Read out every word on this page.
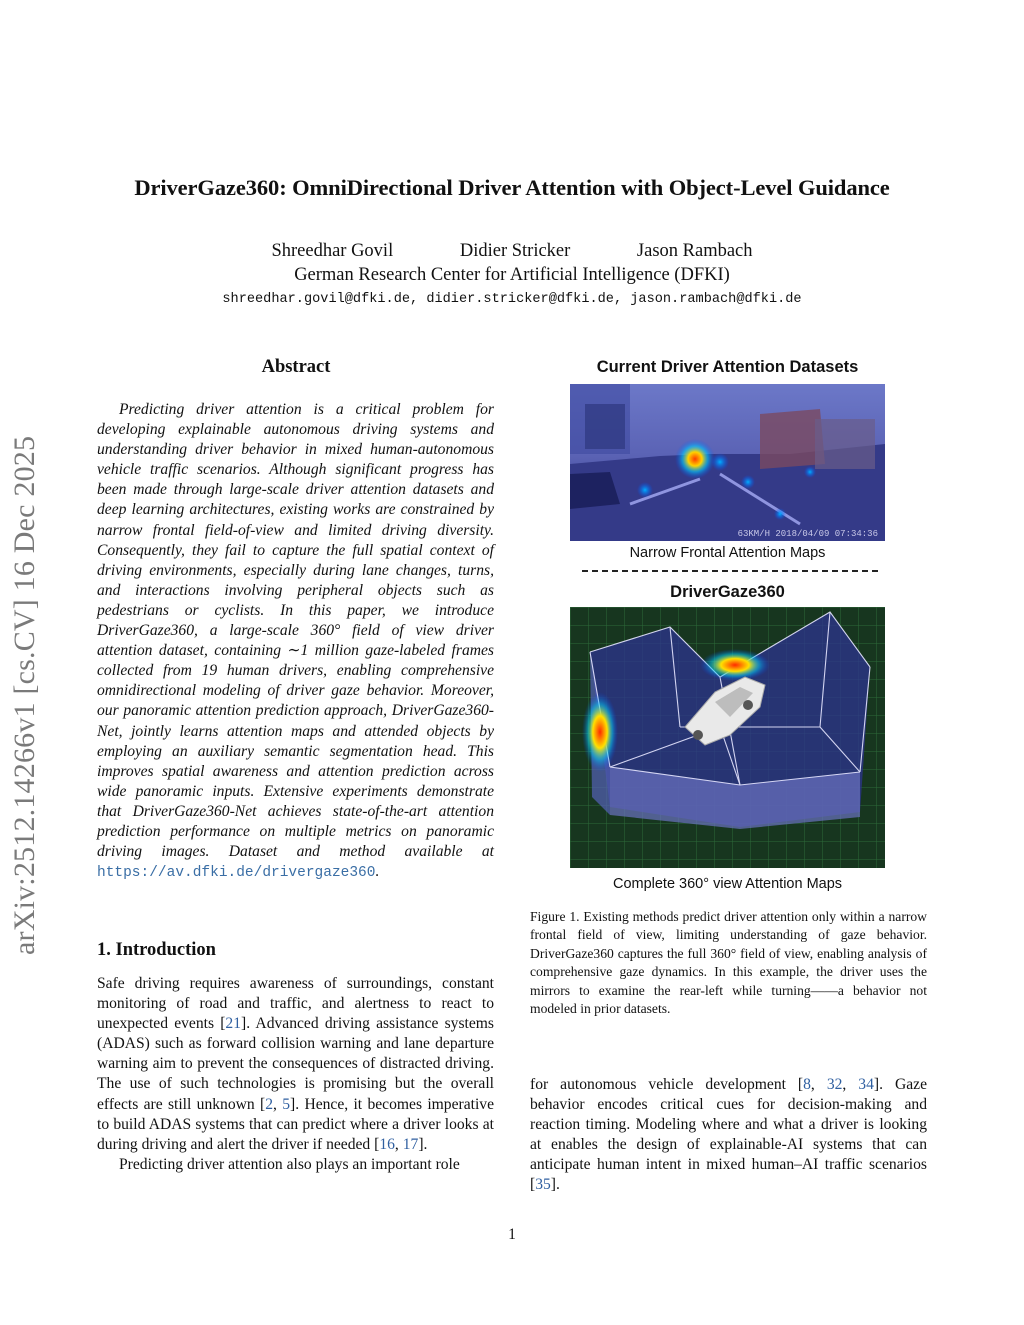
DriverGaze360: OmniDirectional Driver Attention with Object-Level Guidance
Shreedhar Govil	Didier Stricker	Jason Rambach
German Research Center for Artificial Intelligence (DFKI)
shreedhar.govil@dfki.de, didier.stricker@dfki.de, jason.rambach@dfki.de
arXiv:2512.14266v1 [cs.CV] 16 Dec 2025
Abstract
Predicting driver attention is a critical problem for developing explainable autonomous driving systems and understanding driver behavior in mixed human-autonomous vehicle traffic scenarios. Although significant progress has been made through large-scale driver attention datasets and deep learning architectures, existing works are constrained by narrow frontal field-of-view and limited driving diversity. Consequently, they fail to capture the full spatial context of driving environments, especially during lane changes, turns, and interactions involving peripheral objects such as pedestrians or cyclists. In this paper, we introduce DriverGaze360, a large-scale 360° field of view driver attention dataset, containing ∼1 million gaze-labeled frames collected from 19 human drivers, enabling comprehensive omnidirectional modeling of driver gaze behavior. Moreover, our panoramic attention prediction approach, DriverGaze360-Net, jointly learns attention maps and attended objects by employing an auxiliary semantic segmentation head. This improves spatial awareness and attention prediction across wide panoramic inputs. Extensive experiments demonstrate that DriverGaze360-Net achieves state-of-the-art attention prediction performance on multiple metrics on panoramic driving images. Dataset and method available at https://av.dfki.de/drivergaze360.
1. Introduction

Safe driving requires awareness of surroundings, constant monitoring of road and traffic, and alertness to react to unexpected events [21]. Advanced driving assistance systems (ADAS) such as forward collision warning and lane departure warning aim to prevent the consequences of distracted driving. The use of such technologies is promising but the overall effects are still unknown [2, 5]. Hence, it becomes imperative to build ADAS systems that can predict where a driver looks at during driving and alert the driver if needed [16, 17].

Predicting driver attention also plays an important role

Current Driver Attention Datasets
63KM/H 2018/04/09 07:34:36
Narrow Frontal Attention Maps
DriverGaze360
Complete 360° view Attention Maps
Figure 1. Existing methods predict driver attention only within a narrow frontal field of view, limiting understanding of gaze behavior. DriverGaze360 captures the full 360° field of view, enabling analysis of comprehensive gaze dynamics. In this example, the driver uses the mirrors to examine the rear-left while turning——a behavior not modeled in prior datasets.
for autonomous vehicle development [8, 32, 34]. Gaze behavior encodes critical cues for decision-making and reaction timing. Modeling where and what a driver is looking at enables the design of explainable-AI systems that can anticipate human intent in mixed human–AI traffic scenarios [35].
1
